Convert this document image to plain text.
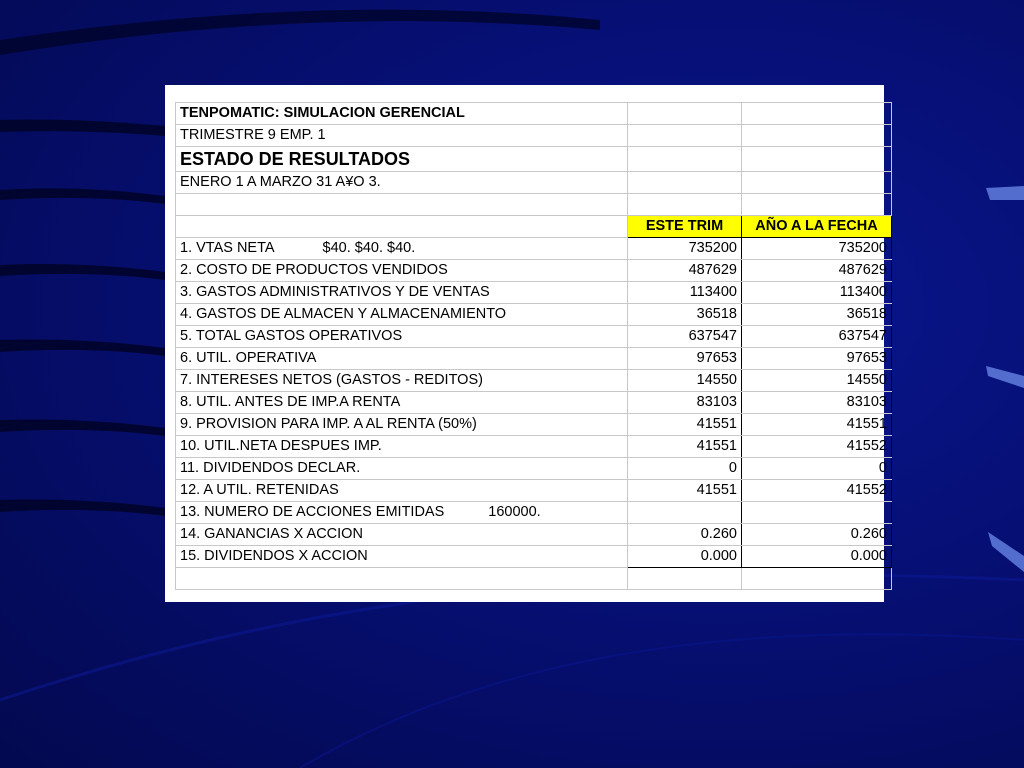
TENPOMATIC: SIMULACION GERENCIAL		
TRIMESTRE 9 EMP. 1		
ESTADO DE RESULTADOS		
ENERO 1 A MARZO 31 A¥O 3.		

	ESTE TRIM	AÑO A LA FECHA
1. VTAS NETA $40. $40. $40.	735200	735200
2. COSTO DE PRODUCTOS VENDIDOS	487629	487629
3. GASTOS ADMINISTRATIVOS Y DE VENTAS	113400	113400
4. GASTOS DE ALMACEN Y ALMACENAMIENTO	36518	36518
5. TOTAL GASTOS OPERATIVOS	637547	637547
6. UTIL. OPERATIVA	97653	97653
7. INTERESES NETOS (GASTOS - REDITOS)	14550	14550
8. UTIL. ANTES DE IMP.A RENTA	83103	83103
9. PROVISION PARA IMP. A AL RENTA (50%)	41551	41551
10. UTIL.NETA DESPUES IMP.	41551	41552
11. DIVIDENDOS DECLAR.	0	0
12. A UTIL. RETENIDAS	41551	41552
13. NUMERO DE ACCIONES EMITIDAS 160000.		
14. GANANCIAS X ACCION	0.260	0.260
15. DIVIDENDOS X ACCION	0.000	0.000
